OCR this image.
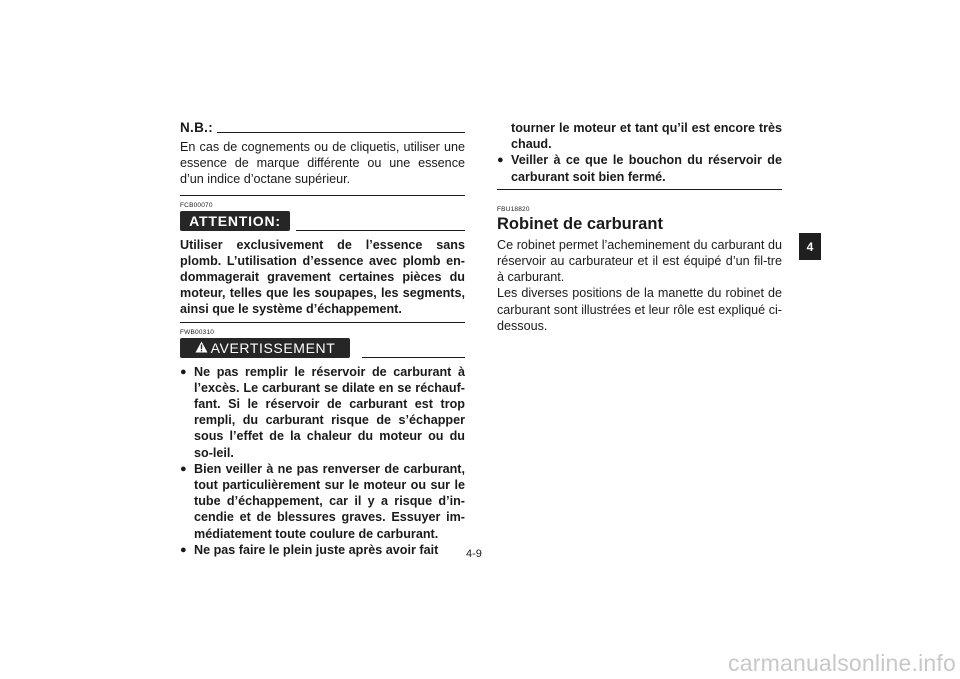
N.B.:

En cas de cognements ou de cliquetis, utiliser une essence de marque différente ou une essence d’un indice d’octane supérieur.

FCB00070
ATTENTION:

Utiliser exclusivement de l’essence sans plomb. L’utilisation d’essence avec plomb en-dommagerait gravement certaines pièces du moteur, telles que les soupapes, les segments, ainsi que le système d’échappement.

FWB00310
AVERTISSEMENT
● Ne pas remplir le réservoir de carburant à l’excès. Le carburant se dilate en se réchauf-fant. Si le réservoir de carburant est trop rempli, du carburant risque de s’échapper sous l’effet de la chaleur du moteur ou du so-leil.
● Bien veiller à ne pas renverser de carburant, tout particulièrement sur le moteur ou sur le tube d’échappement, car il y a risque d’in-cendie et de blessures graves. Essuyer im-médiatement toute coulure de carburant.
● Ne pas faire le plein juste après avoir fait

tourner le moteur et tant qu’il est encore très chaud.

● Veiller à ce que le bouchon du réservoir de carburant soit bien fermé.
FBU18820
Robinet de carburant

Ce robinet permet l’acheminement du carburant du réservoir au carburateur et il est équipé d’un fil-tre à carburant.

Les diverses positions de la manette du robinet de carburant sont illustrées et leur rôle est expliqué ci-dessous.

4-9
4
carmanualsonline.info
